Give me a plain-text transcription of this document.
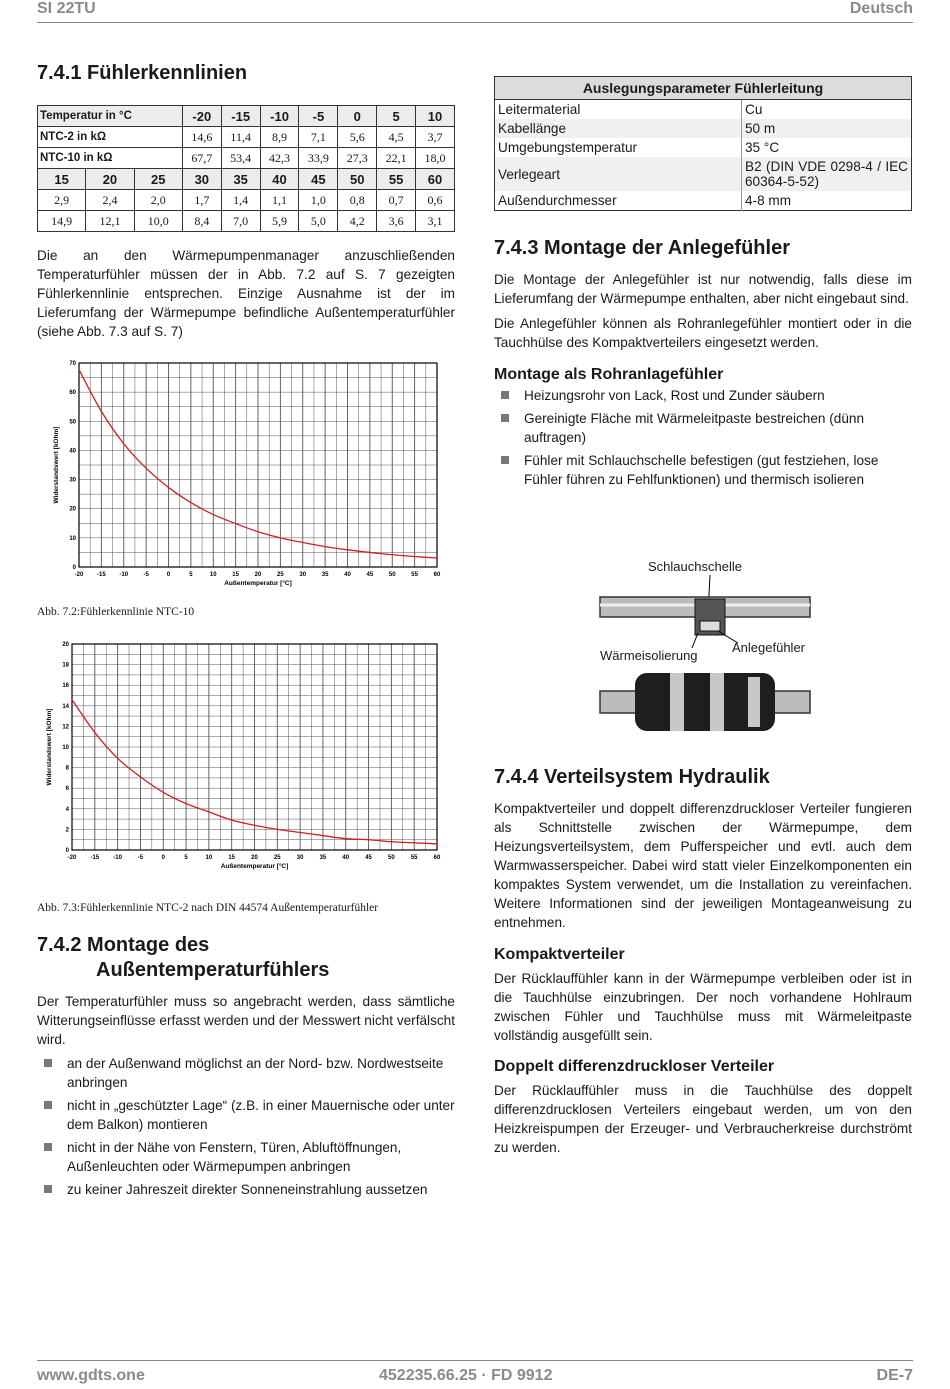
SI 22TU	Deutsch
7.4.1 Fühlerkennlinien
Temperatur in °C			-20	-15	-10	-5	0	5	10
NTC-2 in kΩ			14,6	11,4	8,9	7,1	5,6	4,5	3,7
NTC-10 in kΩ			67,7	53,4	42,3	33,9	27,3	22,1	18,0
15	20	25	30	35	40	45	50	55	60
2,9	2,4	2,0	1,7	1,4	1,1	1,0	0,8	0,7	0,6
14,9	12,1	10,0	8,4	7,0	5,9	5,0	4,2	3,6	3,1

Die an den Wärmepumpenmanager anzuschließenden Temperaturfühler müssen der in Abb. 7.2 auf S. 7 gezeigten Fühlerkennlinie entsprechen. Einzige Ausnahme ist der im Lieferumfang der Wärmepumpe befindliche Außentemperaturfühler (siehe Abb. 7.3 auf S. 7)

-20 -15 -10	-5	0	5	10	15	20	25	30	35	40	45	50	55	60
0
10
20
30
40
50
60
70
Außentemperatur [°C]
Widerstandswert [kOhm]
Abb. 7.2:Fühlerkennlinie NTC-10
-20 -15 -10	-5	0	5	10	15	20	25	30	35	40	45	50	55	60
0
2
4
6
8
10
12
14
16
18
20
Außentemperatur [°C]
Widerstandswert [kOhm]
Abb. 7.3:Fühlerkennlinie NTC-2 nach DIN 44574 Außentemperaturfühler
7.4.2 Montage des
Außentemperaturfühlers

Der Temperaturfühler muss so angebracht werden, dass sämtliche Witterungseinflüsse erfasst werden und der Messwert nicht verfälscht wird.

an der Außenwand möglichst an der Nord- bzw. Nordwestseite anbringen
nicht in „geschützter Lage“ (z.B. in einer Mauernische oder unter dem Balkon) montieren
nicht in der Nähe von Fenstern, Türen, Abluftöffnungen, Außenleuchten oder Wärmepumpen anbringen
zu keiner Jahreszeit direkter Sonneneinstrahlung aussetzen
Auslegungsparameter Fühlerleitung	
Leitermaterial	Cu
Kabellänge	50 m
Umgebungstemperatur	35 °C
Verlegeart	B2 (DIN VDE 0298-4 / IEC 60364-5-52)
Außendurchmesser	4-8 mm
7.4.3 Montage der Anlegefühler

Die Montage der Anlegefühler ist nur notwendig, falls diese im Lieferumfang der Wärmepumpe enthalten, aber nicht eingebaut sind.

Die Anlegefühler können als Rohranlegefühler montiert oder in die Tauchhülse des Kompaktverteilers eingesetzt werden.

Montage als Rohranlagefühler
Heizungsrohr von Lack, Rost und Zunder säubern
Gereinigte Fläche mit Wärmeleitpaste bestreichen (dünn auftragen)
Fühler mit Schlauchschelle befestigen (gut festziehen, lose Fühler führen zu Fehlfunktionen) und thermisch isolieren
Schlauchschelle
Wärmeisolierung
Anlegefühler
7.4.4 Verteilsystem Hydraulik

Kompaktverteiler und doppelt differenzdruckloser Verteiler fungieren als Schnittstelle zwischen der Wärmepumpe, dem Heizungsverteilsystem, dem Pufferspeicher und evtl. auch dem Warmwasserspeicher. Dabei wird statt vieler Einzelkomponenten ein kompaktes System verwendet, um die Installation zu vereinfachen. Weitere Informationen sind der jeweiligen Montageanweisung zu entnehmen.

Kompaktverteiler

Der Rücklauffühler kann in der Wärmepumpe verbleiben oder ist in die Tauchhülse einzubringen. Der noch vorhandene Hohlraum zwischen Fühler und Tauchhülse muss mit Wärmeleitpaste vollständig ausgefüllt sein.

Doppelt differenzdruckloser Verteiler

Der Rücklauffühler muss in die Tauchhülse des doppelt differenzdrucklosen Verteilers eingebaut werden, um von den Heizkreispumpen der Erzeuger- und Verbraucherkreise durchströmt zu werden.

www.gdts.one	452235.66.25 · FD 9912	DE-7
